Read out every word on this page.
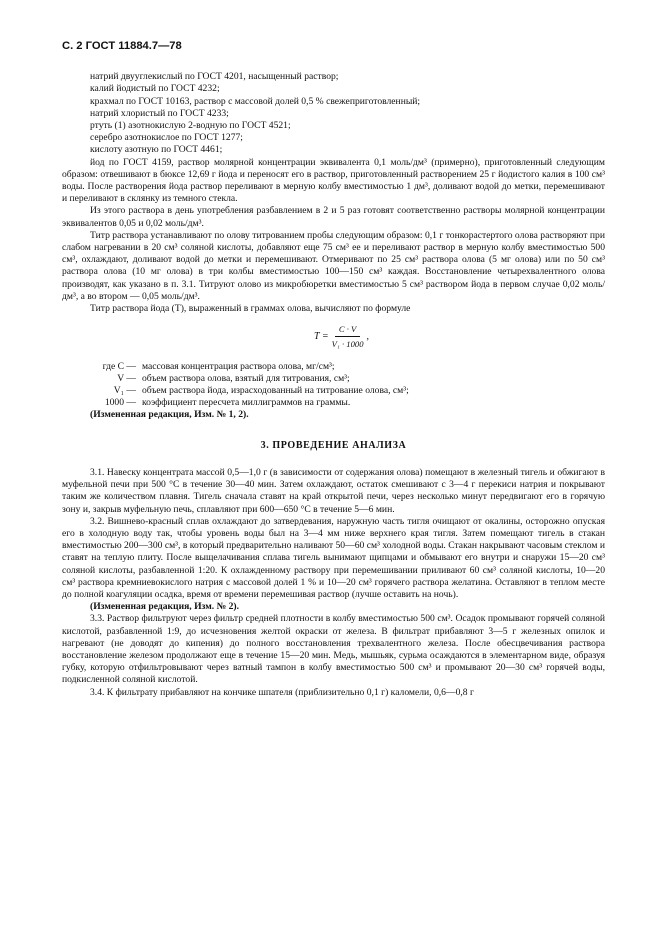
С. 2 ГОСТ 11884.7—78

натрий двууглекислый по ГОСТ 4201, насыщенный раствор;

калий йодистый по ГОСТ 4232;

крахмал по ГОСТ 10163, раствор с массовой долей 0,5 % свежеприготовленный;

натрий хлористый по ГОСТ 4233;

ртуть (1) азотнокислую 2-водную по ГОСТ 4521;

серебро азотнокислое по ГОСТ 1277;

кислоту азотную по ГОСТ 4461;

йод по ГОСТ 4159, раствор молярной концентрации эквивалента 0,1 моль/дм³ (примерно), приготовленный следующим образом: отвешивают в бюксе 12,69 г йода и переносят его в раствор, приготовленный растворением 25 г йодистого калия в 100 см³ воды. После растворения йода раствор переливают в мерную колбу вместимостью 1 дм³, доливают водой до метки, перемешивают и переливают в склянку из темного стекла.

Из этого раствора в день употребления разбавлением в 2 и 5 раз готовят соответственно растворы молярной концентрации эквивалентов 0,05 и 0,02 моль/дм³.

Титр раствора устанавливают по олову титрованием пробы следующим образом: 0,1 г тонкорастертого олова растворяют при слабом нагревании в 20 см³ соляной кислоты, добавляют еще 75 см³ ее и переливают раствор в мерную колбу вместимостью 500 см³, охлаждают, доливают водой до метки и перемешивают. Отмеривают по 25 см³ раствора олова (5 мг олова) или по 50 см³ раствора олова (10 мг олова) в три колбы вместимостью 100—150 см³ каждая. Восстановление четырехвалентного олова производят, как указано в п. 3.1. Титруют олово из микробюретки вместимостью 5 см³ раствором йода в первом случае 0,02 моль/дм³, а во втором — 0,05 моль/дм³.

Титр раствора йода (T), выраженный в граммах олова, вычисляют по формуле

$T = \frac{C \cdot V}{\text{V₁ · 1000}}$ ,
где C — массовая концентрация раствора олова, мг/см³;
V — объем раствора олова, взятый для титрования, см³;
V₁ — объем раствора йода, израсходованный на титрование олова, см³;
1000 — коэффициент пересчета миллиграммов на граммы.

(Измененная редакция, Изм. № 1, 2).

3. ПРОВЕДЕНИЕ АНАЛИЗА

3.1. Навеску концентрата массой 0,5—1,0 г (в зависимости от содержания олова) помещают в железный тигель и обжигают в муфельной печи при 500 °С в течение 30—40 мин. Затем охлаждают, остаток смешивают с 3—4 г перекиси натрия и покрывают таким же количеством плавня. Тигель сначала ставят на край открытой печи, через несколько минут передвигают его в горячую зону и, закрыв муфельную печь, сплавляют при 600—650 °С в течение 5—6 мин.

3.2. Вишнево-красный сплав охлаждают до затвердевания, наружную часть тигля очищают от окалины, осторожно опуская его в холодную воду так, чтобы уровень воды был на 3—4 мм ниже верхнего края тигля. Затем помещают тигель в стакан вместимостью 200—300 см³, в который предварительно наливают 50—60 см³ холодной воды. Стакан накрывают часовым стеклом и ставят на теплую плиту. После выщелачивания сплава тигель вынимают щипцами и обмывают его внутри и снаружи 15—20 см³ соляной кислоты, разбавленной 1:20. К охлажденному раствору при перемешивании приливают 60 см³ соляной кислоты, 10—20 см³ раствора кремниевокислого натрия с массовой долей 1 % и 10—20 см³ горячего раствора желатина. Оставляют в теплом месте до полной коагуляции осадка, время от времени перемешивая раствор (лучше оставить на ночь).

(Измененная редакция, Изм. № 2).

3.3. Раствор фильтруют через фильтр средней плотности в колбу вместимостью 500 см³. Осадок промывают горячей соляной кислотой, разбавленной 1:9, до исчезновения желтой окраски от железа. В фильтрат прибавляют 3—5 г железных опилок и нагревают (не доводят до кипения) до полного восстановления трехвалентного железа. После обесцвечивания раствора восстановление железом продолжают еще в течение 15—20 мин. Медь, мышьяк, сурьма осаждаются в элементарном виде, образуя губку, которую отфильтровывают через ватный тампон в колбу вместимостью 500 см³ и промывают 20—30 см³ горячей воды, подкисленной соляной кислотой.

3.4. К фильтрату прибавляют на кончике шпателя (приблизительно 0,1 г) каломели, 0,6—0,8 г
